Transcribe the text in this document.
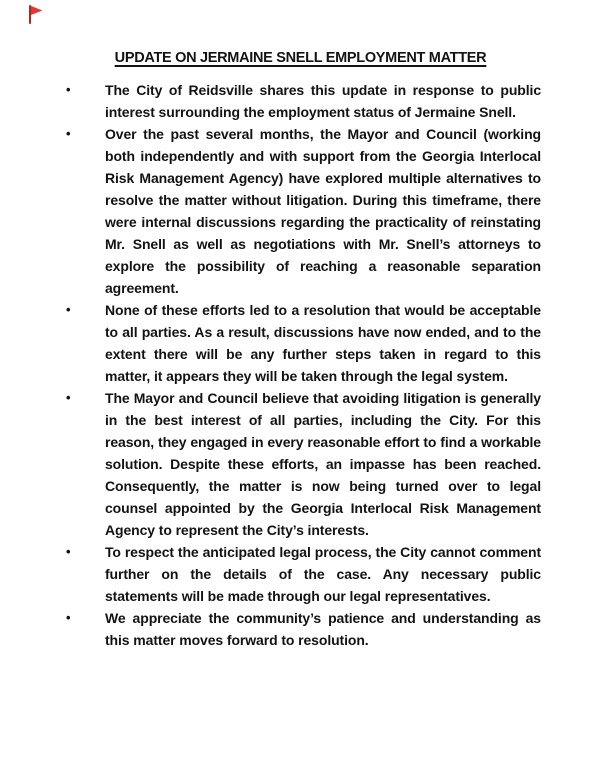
UPDATE ON JERMAINE SNELL EMPLOYMENT MATTER
• The City of Reidsville shares this update in response to public interest surrounding the employment status of Jermaine Snell.
• Over the past several months, the Mayor and Council (working both independently and with support from the Georgia Interlocal Risk Management Agency) have explored multiple alternatives to resolve the matter without litigation. During this timeframe, there were internal discussions regarding the practicality of reinstating Mr. Snell as well as negotiations with Mr. Snell’s attorneys to explore the possibility of reaching a reasonable separation agreement.
• None of these efforts led to a resolution that would be acceptable to all parties. As a result, discussions have now ended, and to the extent there will be any further steps taken in regard to this matter, it appears they will be taken through the legal system.
• The Mayor and Council believe that avoiding litigation is generally in the best interest of all parties, including the City. For this reason, they engaged in every reasonable effort to find a workable solution. Despite these efforts, an impasse has been reached. Consequently, the matter is now being turned over to legal counsel appointed by the Georgia Interlocal Risk Management Agency to represent the City’s interests.
• To respect the anticipated legal process, the City cannot comment further on the details of the case. Any necessary public statements will be made through our legal representatives.
• We appreciate the community’s patience and understanding as this matter moves forward to resolution.
